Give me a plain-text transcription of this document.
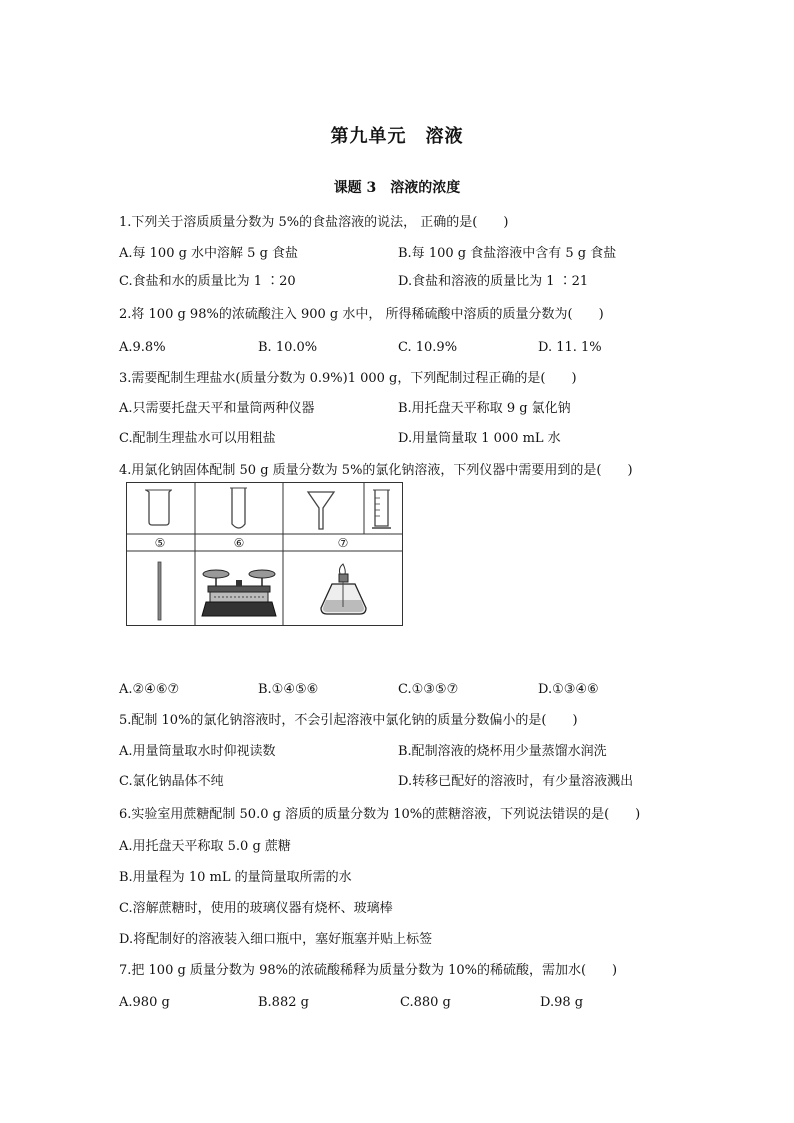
第九单元　溶液
课题 3　溶液的浓度
1.下列关于溶质质量分数为 5%的食盐溶液的说法， 正确的是(　　)
A.每 100 g 水中溶解 5 g 食盐	B.每 100 g 食盐溶液中含有 5 g 食盐
C.食盐和水的质量比为 1 ∶20	D.食盐和溶液的质量比为 1 ∶21
2.将 100 g 98%的浓硫酸注入 900 g 水中， 所得稀硫酸中溶质的质量分数为(　　)
A.9.8%	B. 10.0%	C. 10.9%	D. 11. 1%
3.需要配制生理盐水(质量分数为 0.9%)1 000 g，下列配制过程正确的是(　　)
A.只需要托盘天平和量筒两种仪器	B.用托盘天平称取 9 g 氯化钠
C.配制生理盐水可以用粗盐	D.用量筒量取 1 000 mL 水
4.用氯化钠固体配制 50 g 质量分数为 5%的氯化钠溶液，下列仪器中需要用到的是(　　)
⑤	⑥	⑦
A.②④⑥⑦	B.①④⑤⑥	C.①③⑤⑦	D.①③④⑥
5.配制 10%的氯化钠溶液时，不会引起溶液中氯化钠的质量分数偏小的是(　　)
A.用量筒量取水时仰视读数	B.配制溶液的烧杯用少量蒸馏水润洗
C.氯化钠晶体不纯	D.转移已配好的溶液时，有少量溶液溅出
6.实验室用蔗糖配制 50.0 g 溶质的质量分数为 10%的蔗糖溶液，下列说法错误的是(　　)
A.用托盘天平称取 5.0 g 蔗糖
B.用量程为 10 mL 的量筒量取所需的水
C.溶解蔗糖时，使用的玻璃仪器有烧杯、玻璃棒
D.将配制好的溶液装入细口瓶中，塞好瓶塞并贴上标签
7.把 100 g 质量分数为 98%的浓硫酸稀释为质量分数为 10%的稀硫酸，需加水(　　)
A.980 g	B.882 g	C.880 g	D.98 g
